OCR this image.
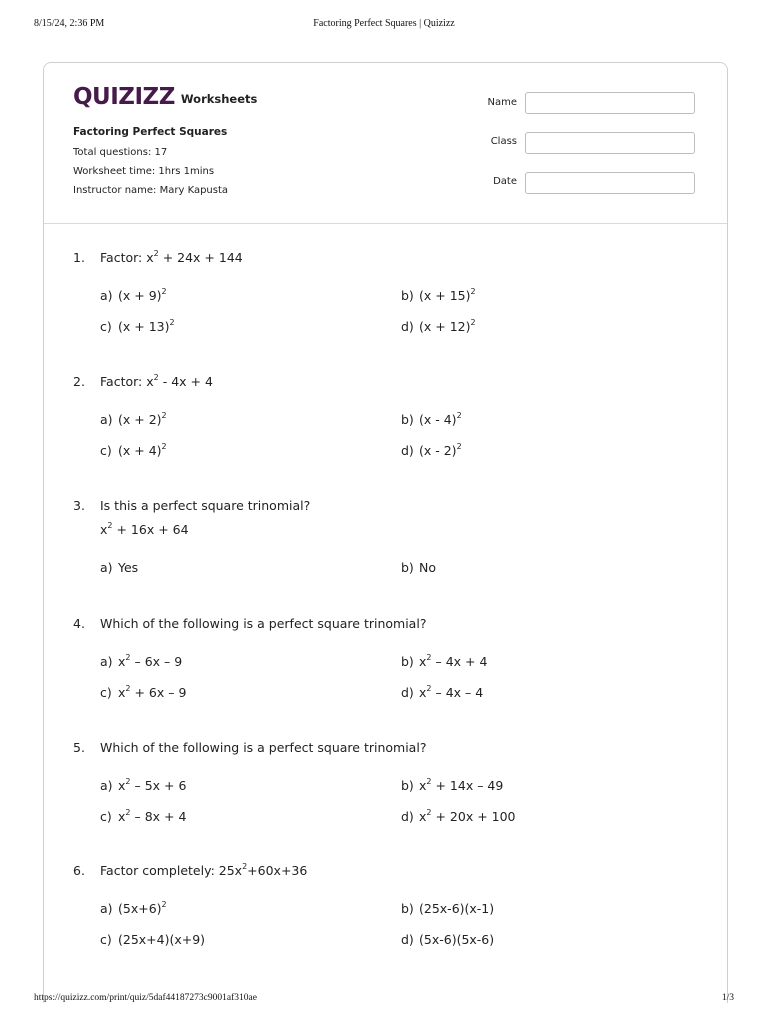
8/15/24, 2:36 PM	Factoring Perfect Squares | Quizizz
QUIZIZZ Worksheets
Factoring Perfect Squares
Total questions: 17
Worksheet time: 1hrs 1mins
Instructor name: Mary Kapusta
Name
Class
Date
1. Factor: $x^2 + 24x + 144$
a) $(x + 9)^2$	b) $(x + 15)^2$
c) $(x + 13)^2$	d) $(x + 12)^2$
2. Factor: $x^2 - 4x + 4$
a) $(x + 2)^2$	b) (x - 4)$^2$
c) $(x + 4)^2$	d) (x - 2)$^2$
3. Is this a perfect square trinomial?
$x^2 + 16x + 64$
a) Yes	b) No
4. Which of the following is a perfect square trinomial?
a) $x^2 - 6x - 9$	b) $x^2 - 4x + 4$
c) $x^2 + 6x - 9$	d) $x^2 - 4x - 4$
5. Which of the following is a perfect square trinomial?
a) $x^2 - 5x + 6$	b) $x^2 + 14x - 49$
c) $x^2 - 8x + 4$	d) $x^2 + 20x + 100$
6. Factor completely: $25x^2+60x+36$
a) $(5x+6)^2$	b) (25x-6)(x-1)
c) (25x+4)(x+9)	d) (5x-6)(5x-6)
https://quizizz.com/print/quiz/5daf44187273c9001af310ae	1/3
